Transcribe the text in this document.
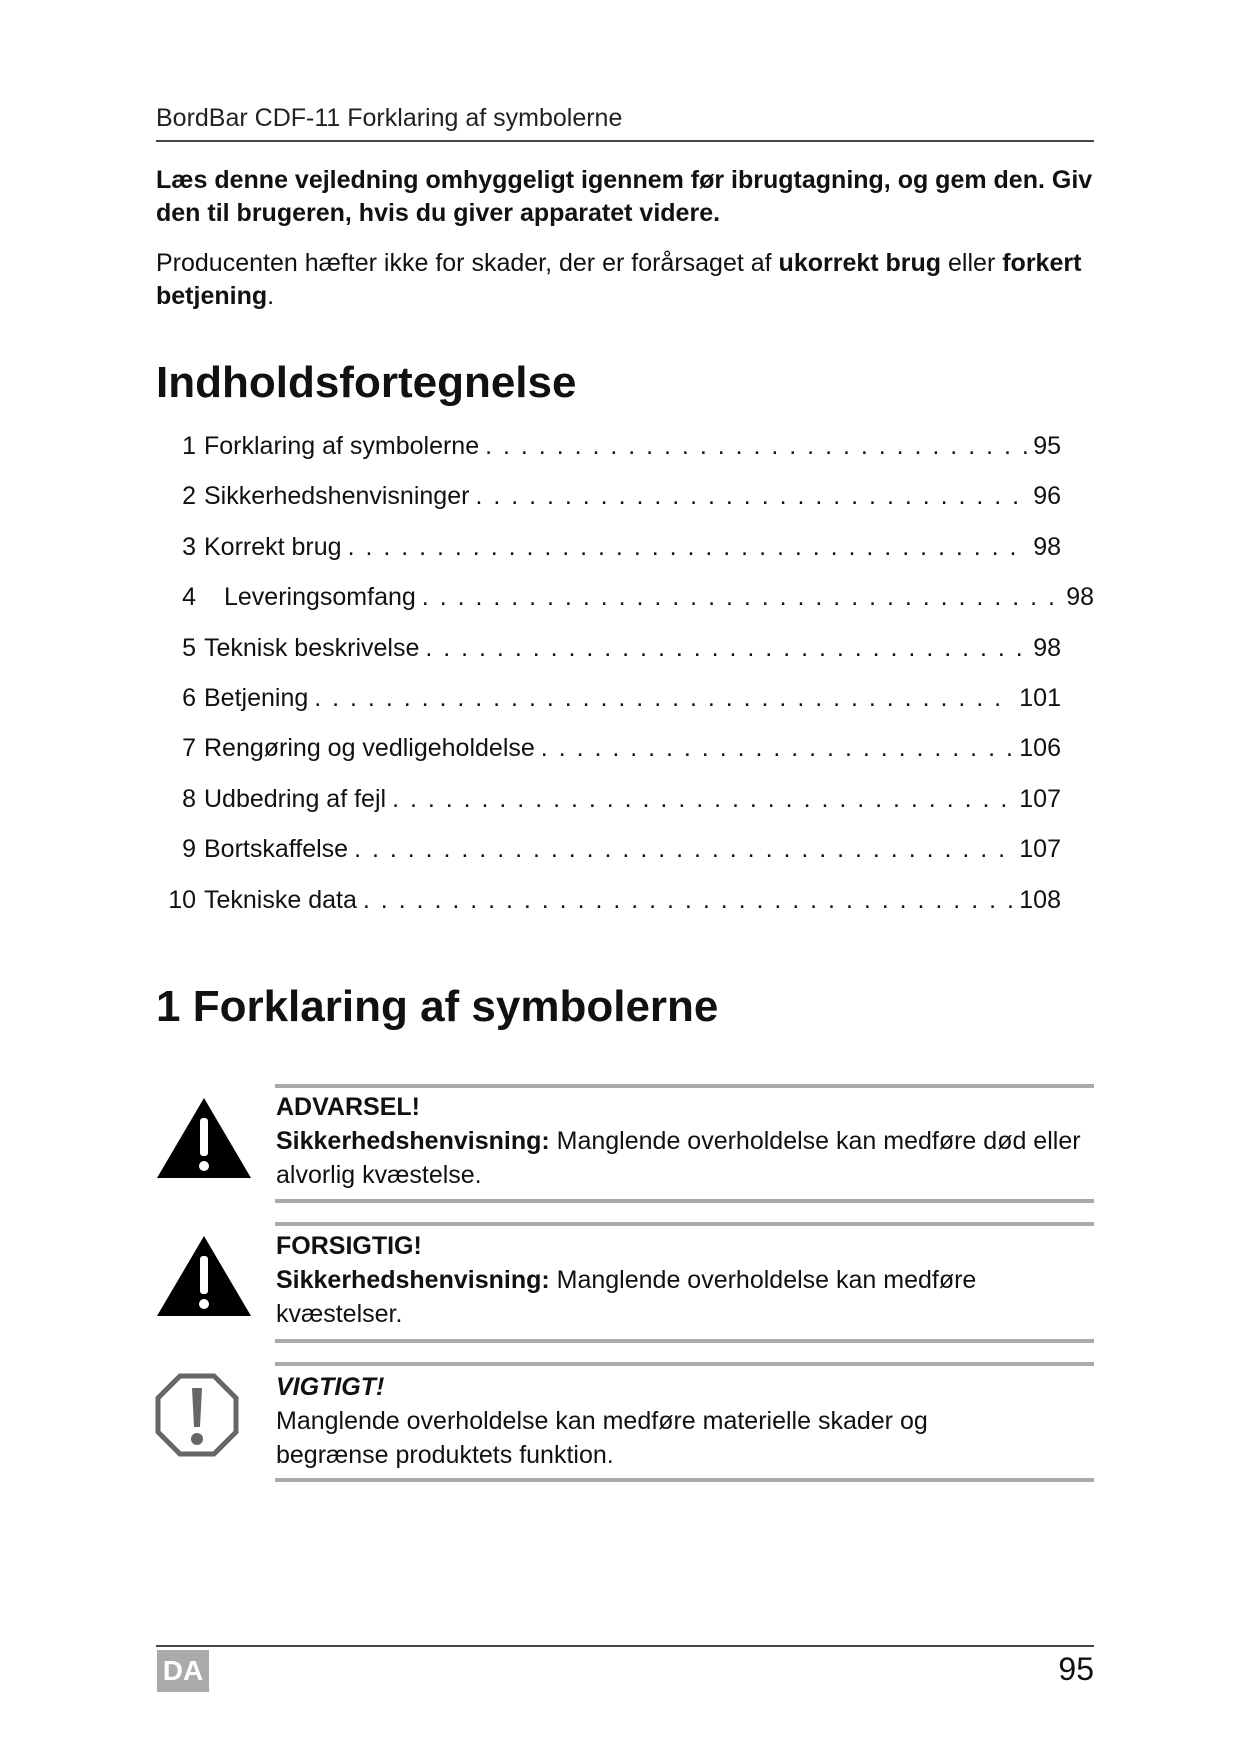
BordBar CDF-11 Forklaring af symbolerne
Læs denne vejledning omhyggeligt igennem før ibrugtagning, og gem den. Giv den til brugeren, hvis du giver apparatet videre.
Producenten hæfter ikke for skader, der er forårsaget af ukorrekt brug eller forkert betjening.
Indholdsfortegnelse
1 Forklaring af symbolerne . . .	95
2 Sikkerhedshenvisninger . . .	96
3 Korrekt brug . . .	98
4 Leveringsomfang . . .	98
5 Teknisk beskrivelse . . .	98
6 Betjening . . .	101
7 Rengøring og vedligeholdelse . . .	106
8 Udbedring af fejl . . .	107
9 Bortskaffelse . . .	107
10 Tekniske data . . .	108
1 Forklaring af symbolerne
ADVARSEL!
Sikkerhedshenvisning: Manglende overholdelse kan medføre død eller alvorlig kvæstelse.
FORSIGTIG!
Sikkerhedshenvisning: Manglende overholdelse kan medføre kvæstelser.
VIGTIGT!
Manglende overholdelse kan medføre materielle skader og begrænse produktets funktion.
DA	95
